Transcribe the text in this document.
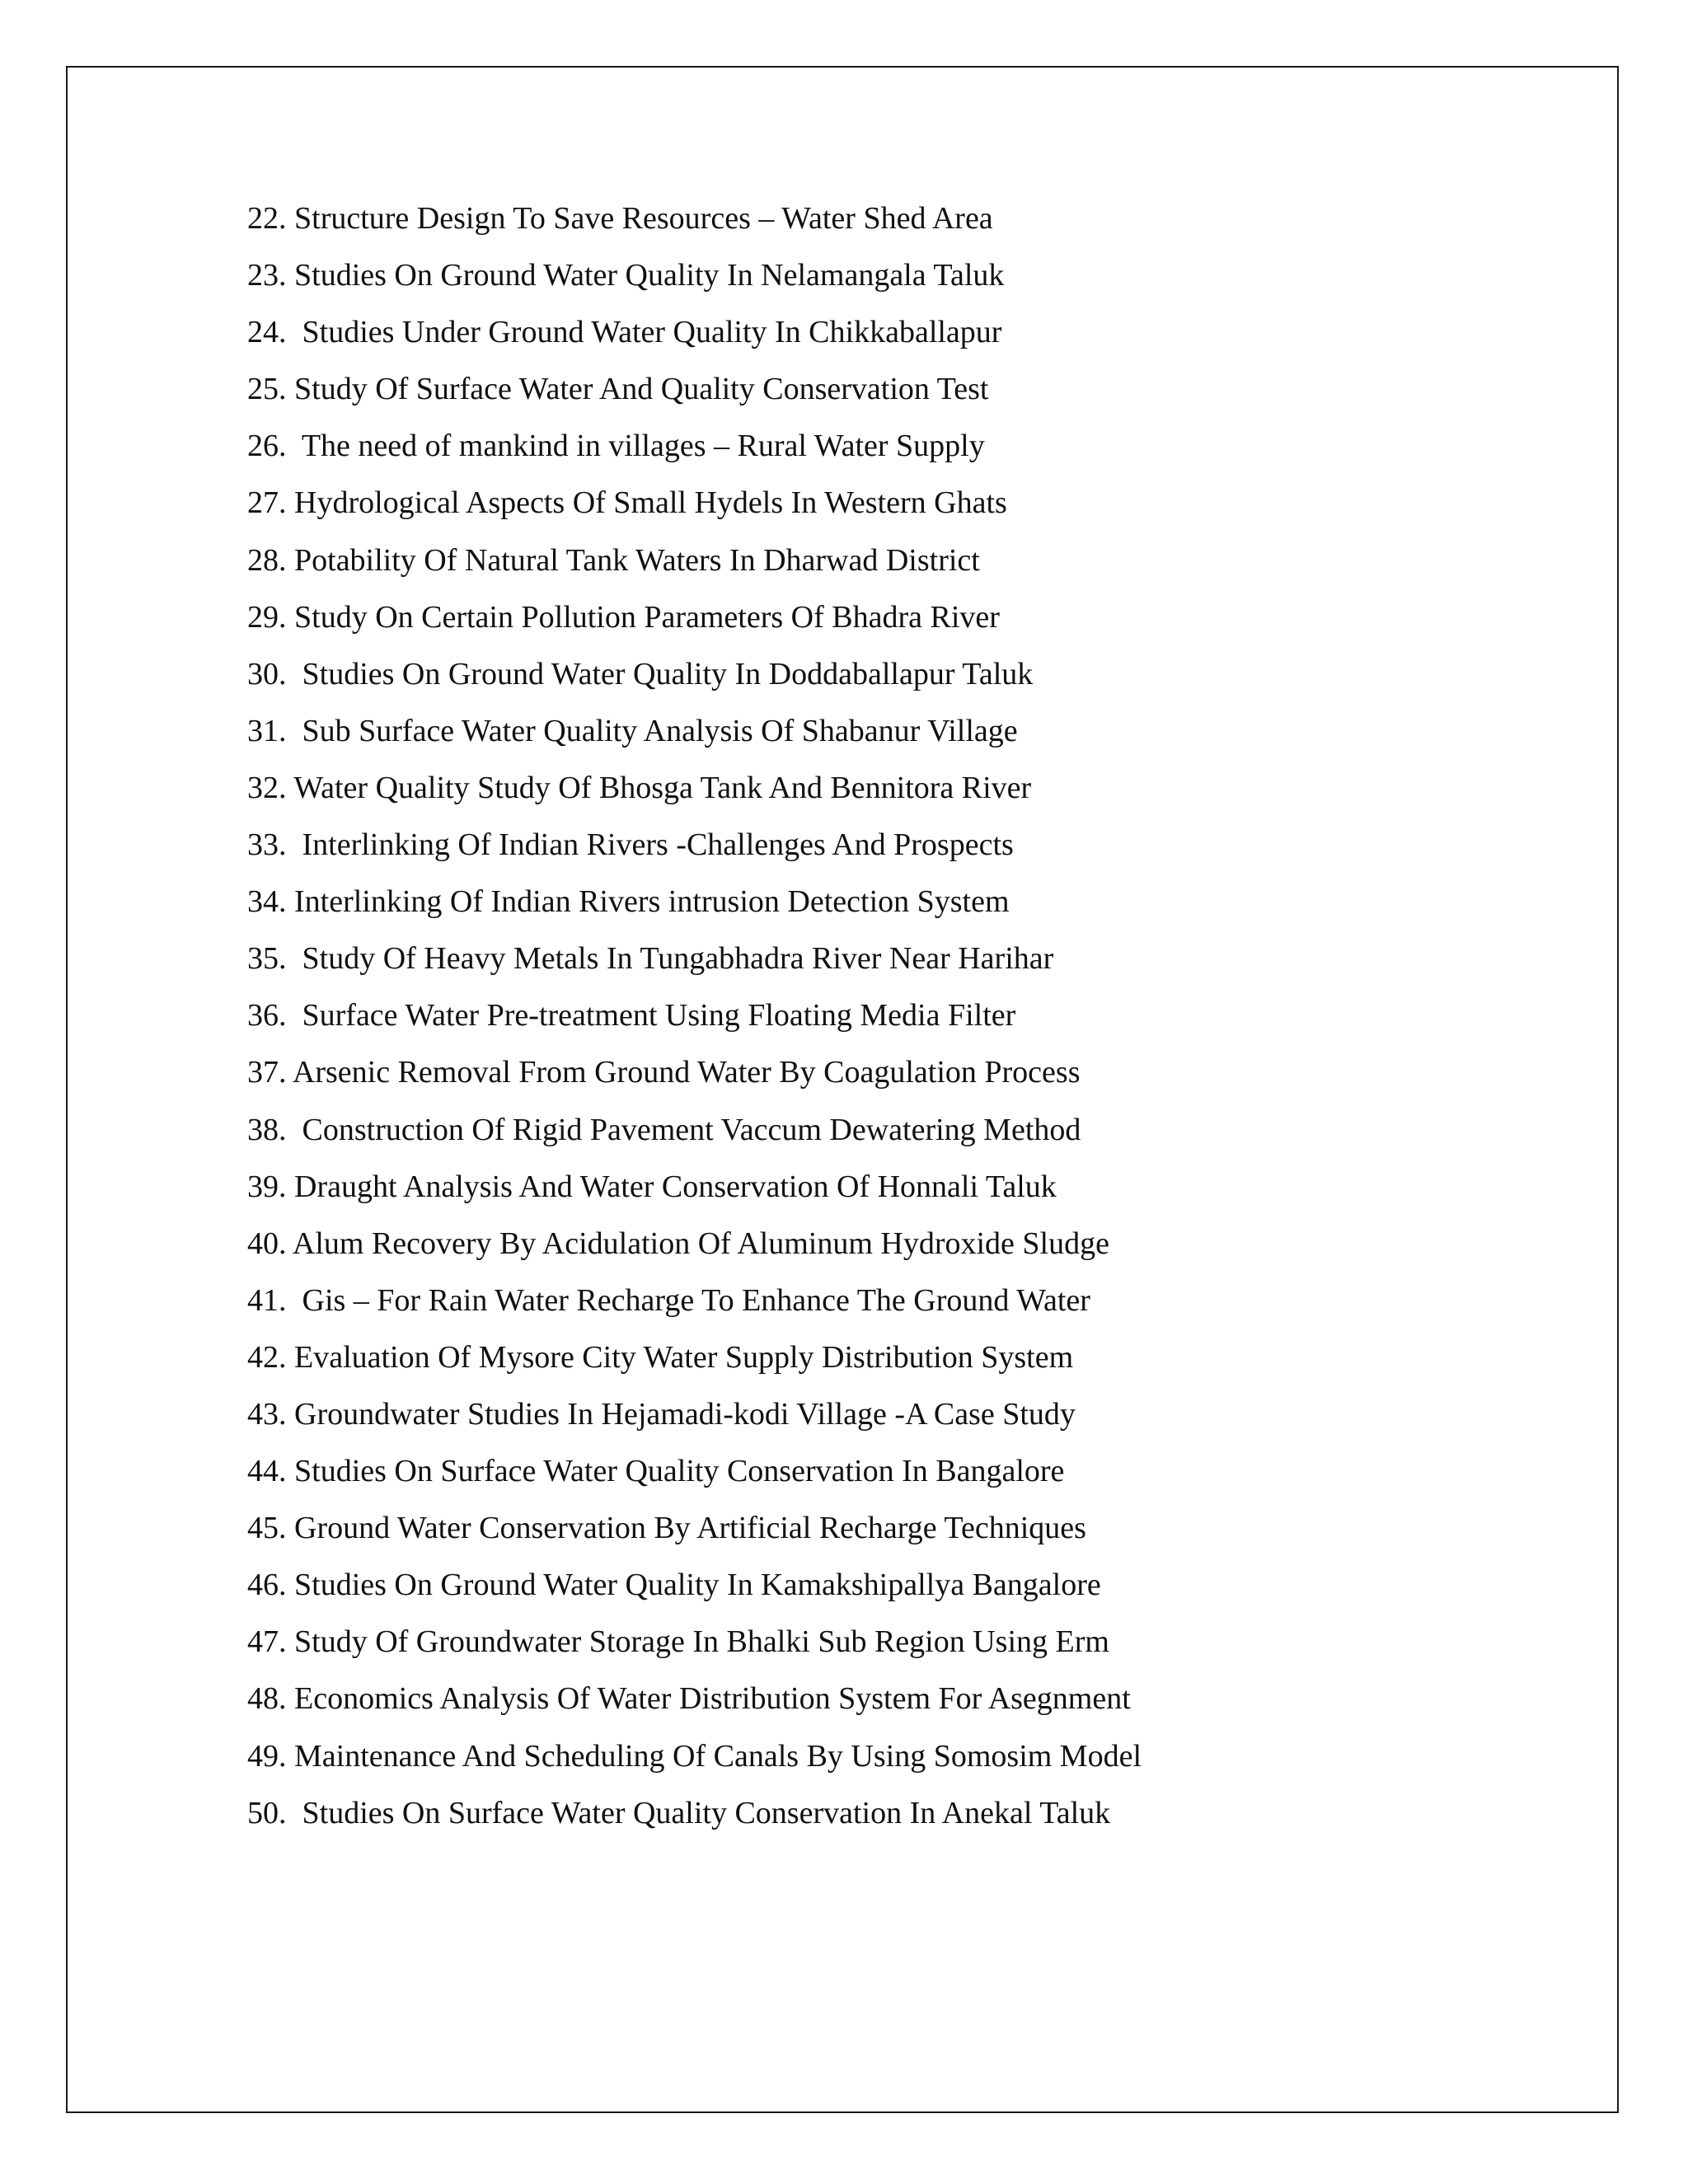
22. Structure Design To Save Resources – Water Shed Area
23. Studies On Ground Water Quality In Nelamangala Taluk
24.  Studies Under Ground Water Quality In Chikkaballapur
25. Study Of Surface Water And Quality Conservation Test
26.  The need of mankind in villages – Rural Water Supply
27. Hydrological Aspects Of Small Hydels In Western Ghats
28. Potability Of Natural Tank Waters In Dharwad District
29. Study On Certain Pollution Parameters Of Bhadra River
30.  Studies On Ground Water Quality In Doddaballapur Taluk
31.  Sub Surface Water Quality Analysis Of Shabanur Village
32. Water Quality Study Of Bhosga Tank And Bennitora River
33.  Interlinking Of Indian Rivers -Challenges And Prospects
34. Interlinking Of Indian Rivers intrusion Detection System
35.  Study Of Heavy Metals In Tungabhadra River Near Harihar
36.  Surface Water Pre-treatment Using Floating Media Filter
37. Arsenic Removal From Ground Water By Coagulation Process
38.  Construction Of Rigid Pavement Vaccum Dewatering Method
39. Draught Analysis And Water Conservation Of Honnali Taluk
40. Alum Recovery By Acidulation Of Aluminum Hydroxide Sludge
41.  Gis – For Rain Water Recharge To Enhance The Ground Water
42. Evaluation Of Mysore City Water Supply Distribution System
43. Groundwater Studies In Hejamadi-kodi Village -A Case Study
44. Studies On Surface Water Quality Conservation In Bangalore
45. Ground Water Conservation By Artificial Recharge Techniques
46. Studies On Ground Water Quality In Kamakshipallya Bangalore
47. Study Of Groundwater Storage In Bhalki Sub Region Using Erm
48. Economics Analysis Of Water Distribution System For Asegnment
49. Maintenance And Scheduling Of Canals By Using Somosim Model
50.  Studies On Surface Water Quality Conservation In Anekal Taluk
